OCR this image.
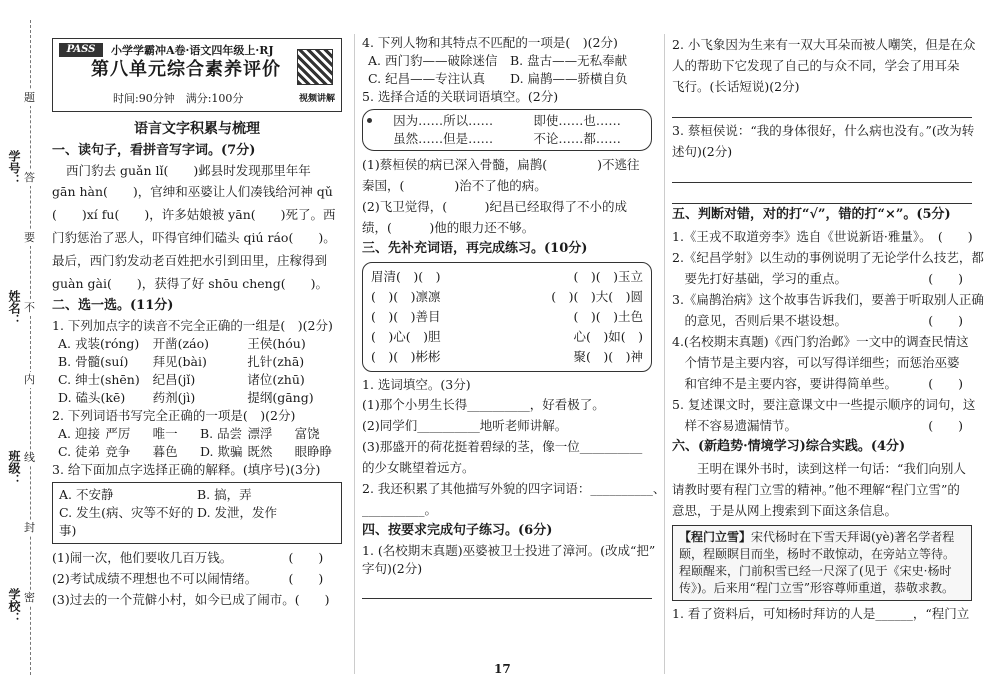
学校：
班级：
姓名：
学号：
题
答
要
不
内
线
封
密
PASS	小学学霸冲A卷·语文四年级上·RJ
第八单元综合素养评价
时间:90分钟　满分:100分	视频讲解
语言文字积累与梳理
一、读句子，看拼音写字词。(7分)

西门豹去 guǎn lǐ(　　)邺县时发现那里年年

gān hàn(　　)，官绅和巫婆让人们凑钱给河神 qǔ

(　　)xí fu(　　)，许多姑娘被 yān(　　)死了。西

门豹惩治了恶人，吓得官绅们磕头 qiú ráo(　　)。

最后，西门豹发动老百姓把水引到田里，庄稼得到

guàn gài(　　)，获得了好 shōu cheng(　　)。

二、选一选。(11分)

1. 下列加点字的读音不完全正确的一组是(　)(2分)

A. 戎装(róng)	开凿(záo)	王侯(hóu)
B. 骨髓(suí)	拜见(bài)	扎针(zhā)
C. 绅士(shēn)	纪昌(jǐ)	诸位(zhū)
D. 磕头(kē)	药剂(jì)	提纲(gāng)

2. 下列词语书写完全正确的一项是(　)(2分)

A. 迎接 严厉	唯一	B. 品尝 漂浮	富饶
C. 徒弟 竞争	暮色	D. 欺骗 既然	眼睁睁

3. 给下面加点字选择正确的解释。(填序号)(3分)

A. 不安静	B. 搞，弄
C. 发生(病、灾等不好的事)
D. 发泄，发作

(1)闹一次，他们要收几百万钱。　　　　　(　　)

(2)考试成绩不理想也不可以闹情绪。　　　(　　)

(3)过去的一个荒僻小村，如今已成了闹市。(　　)

4. 下列人物和其特点不匹配的一项是(　)(2分)

A. 西门豹——破除迷信	B. 盘古——无私奉献
C. 纪昌——专注认真	D. 扁鹊——骄横自负

5. 选择合适的关联词语填空。(2分)

因为……所以……	即使……也……
虽然……但是……	不论……都……

(1)蔡桓侯的病已深入骨髓，扁鹊(　　　　)不逃往

秦国，(　　　　)治不了他的病。

(2)飞卫觉得，(　　　)纪昌已经取得了不小的成

绩，(　　　)他的眼力还不够。

三、先补充词语，再完成练习。(10分)
眉清(　)(　)	(　)(　)玉立
(　)(　)凛凛	(　)(　)大(　)圆
(　)(　)善目	(　)(　)土色
(　)心(　)胆	心(　)如(　)
(　)(　)彬彬	聚(　)(　)神

1. 选词填空。(3分)

(1)那个小男生长得__________，好看极了。

(2)同学们__________地听老师讲解。

(3)那盛开的荷花挺着碧绿的茎，像一位__________

的少女眺望着远方。

2. 我还积累了其他描写外貌的四字词语：__________、

__________。

四、按要求完成句子练习。(6分)

1. (名校期末真题)巫婆被卫士投进了漳河。(改成“把”

字句)(2分)

2. 小飞象因为生来有一双大耳朵而被人嘲笑，但是在众

人的帮助下它发现了自己的与众不同，学会了用耳朵

飞行。(长话短说)(2分)

3. 蔡桓侯说：“我的身体很好，什么病也没有。”(改为转

述句)(2分)

五、判断对错，对的打“√”，错的打“×”。(5分)

1.《王戎不取道旁李》选自《世说新语·雅量》。　(　　)

2.《纪昌学射》以生动的事例说明了无论学什么技艺，都

　要先打好基础，学习的重点。　　　　　　　(　　)

3.《扁鹊治病》这个故事告诉我们，要善于听取别人正确

　的意见，否则后果不堪设想。　　　　　　　(　　)

4.(名校期末真题)《西门豹治邺》一文中的调查民情这

　个情节是主要内容，可以写得详细些；而惩治巫婆

　和官绅不是主要内容，要讲得简单些。　　　(　　)

5. 复述课文时，要注意课文中一些提示顺序的词句，这

　样不容易遗漏情节。　　　　　　　　　　　(　　)

六、(新趋势·情境学习)综合实践。(4分)

　　王明在课外书时，读到这样一句话：“我们向别人

请教时要有程门立雪的精神。”他不理解“程门立雪”的

意思，于是从网上搜索到下面这条信息。

【程门立雪】宋代杨时在下雪天拜谒(yè)著名学者程颐，程颐瞑目而坐，杨时不敢惊动，在旁站立等待。程颐醒来，门前积雪已经一尺深了(见于《宋史·杨时传》)。后来用“程门立雪”形容尊师重道，恭敬求教。

1. 看了资料后，可知杨时拜访的人是______，“程门立

17
